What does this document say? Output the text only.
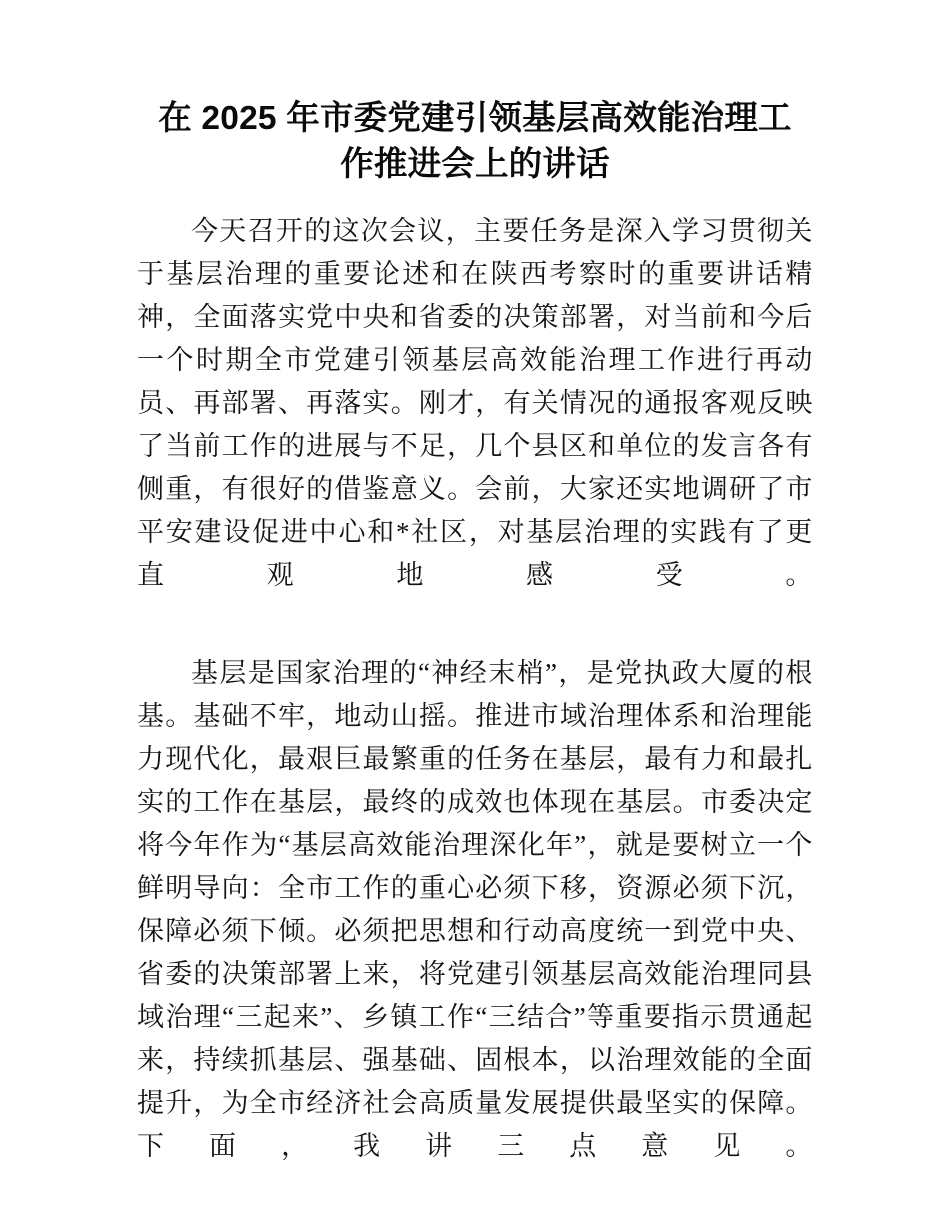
在 2025 年市委党建引领基层高效能治理工作推进会上的讲话

今天召开的这次会议，主要任务是深入学习贯彻关于基层治理的重要论述和在陕西考察时的重要讲话精神，全面落实党中央和省委的决策部署，对当前和今后一个时期全市党建引领基层高效能治理工作进行再动员、再部署、再落实。刚才，有关情况的通报客观反映了当前工作的进展与不足，几个县区和单位的发言各有侧重，有很好的借鉴意义。会前，大家还实地调研了市平安建设促进中心和*社区，对基层治理的实践有了更直观地感受。

基层是国家治理的“神经末梢”，是党执政大厦的根基。基础不牢，地动山摇。推进市域治理体系和治理能力现代化，最艰巨最繁重的任务在基层，最有力和最扎实的工作在基层，最终的成效也体现在基层。市委决定将今年作为“基层高效能治理深化年”，就是要树立一个鲜明导向：全市工作的重心必须下移，资源必须下沉，保障必须下倾。必须把思想和行动高度统一到党中央、省委的决策部署上来，将党建引领基层高效能治理同县域治理“三起来”、乡镇工作“三结合”等重要指示贯通起来，持续抓基层、强基础、固根本，以治理效能的全面提升，为全市经济社会高质量发展提供最坚实的保障。下面，我讲三点意见。
